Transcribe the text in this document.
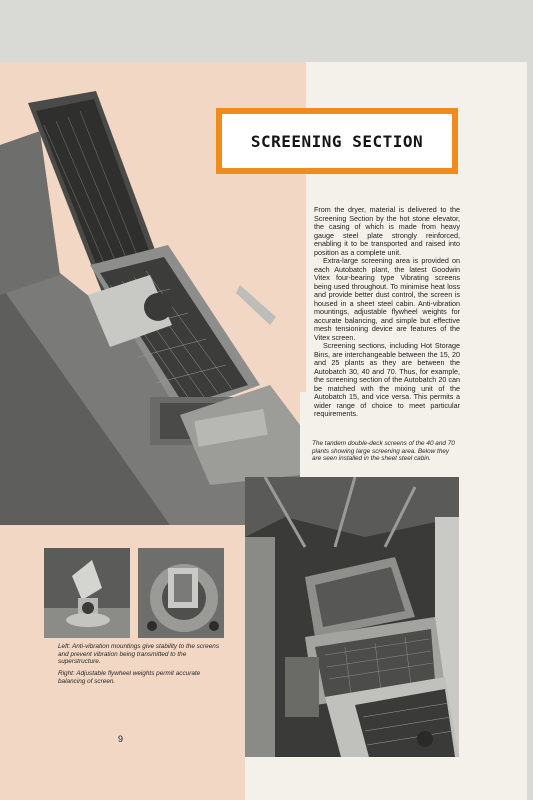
SCREENING SECTION

From the dryer, material is delivered to the Screening Section by the hot stone elevator, the casing of which is made from heavy gauge steel plate strongly reinforced, enabling it to be transported and raised into position as a complete unit.

Extra-large screening area is provided on each Autobatch plant, the latest Goodwin Vitex four-bearing type Vibrating screens being used throughout. To minimise heat loss and provide better dust control, the screen is housed in a sheet steel cabin. Anti-vibration mountings, adjustable flywheel weights for accurate balancing, and simple but effective mesh tensioning device are features of the Vitex screen.

Screening sections, including Hot Storage Bins, are interchangeable between the 15, 20 and 25 plants as they are between the Autobatch 30, 40 and 70. Thus, for example, the screening section of the Autobatch 20 can be matched with the mixing unit of the Autobatch 15, and vice versa. This permits a wider range of choice to meet particular requirements.

The tandem double-deck screens of the 40 and 70 plants showing large screening area. Below they are seen installed in the sheet steel cabin.
Left: Anti-vibration mountings give stability to the screens and prevent vibration being transmitted to the superstructure.
Right: Adjustable flywheel weights permit accurate balancing of screen.
9
